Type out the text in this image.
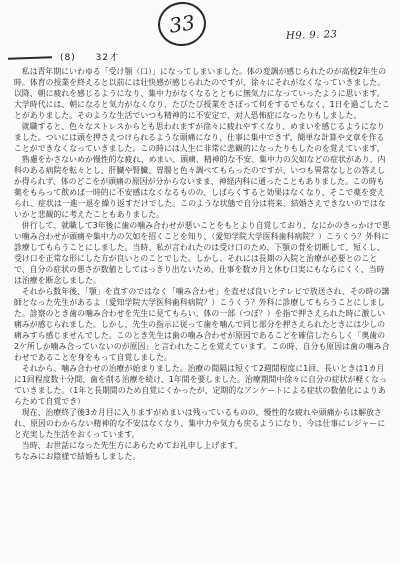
33	H9. 9. 23
(8) 32才

私は青年期にいわゆる「受け顎（口）」になってしまいました。体の変調が感じられたのが高校2年生の時。体育の授業を終えると以前には壮快感が感じられたのですが、徐々にそれがなくなっていきました。以降、朝に疲れを感じるようになり、集中力がなくなるとともに無気力になっていったように思います。大学時代には、朝になると気力がなくなり、たびたび授業をさぼって何をするでもなく、1日を過ごしたことがありました。そのような生活でいつも精神的に不安定で、対人恐怖症になったりもしました。

就職すると、色々なストレスからとも思われますが徐々に疲れやすくなり、めまいを感じるようになりました。ついには頭を押さえつけられるような頭痛になり、仕事に集中できず、簡単な計算や文章を作ることができなくなっていきました。この時には人生に非常に悲観的になったりもしたのを覚えています。

熟慮をかさないめか慢性的な疲れ、めまい、頭痛、精神的な不安、集中力の欠如などの症状があり、内科のある病院を転々とし、肝臓や腎臓、胃腸と色々調べてもらったのですが、いつも異常なしとの答えしか得られず、体のどこをが頭痛の原因が分からないまま、神経内科に通ったこともありました。この時も薬をもらって飲めば一時的に不安感はなくなるものの、しばらくすると効果はなくなり、そこで薬を変えられ、症状は一進一退を繰り返すだけでした。このような状態で自分は将来、結婚さえできないのではないかと悲観的に考えたこともありました。

併行して、就職して3年後に歯の噛み合わせが悪いことをもとより自覚しており、なにかのきっかけで悪い噛み合わせが頭痛や集中力の欠如を招くことを知り、（愛知学院大学医科歯科病院？）こうくう？外科に診療してもらうことにしました。当時、私が言われたのは受け口のため、下顎の骨を切断して、短くし、受け口を正常な形にした方が良いとのことでした。しかし、それには長期の入院と治療が必要とのことで、自分の症状の悪さが数値としてはっきり出ないため、仕事を数カ月と休む口実にもならにくく、当時は治療を断念しました。

それから数年後、「顎」を直すのではなく「噛み合わせ」を直せば良いとテレビで放送され、その時の講師となった先生があるよ（愛知学院大学医科歯科病院？）こうくう？外科に診療してもらうことにしました。診察のとき歯の噛み合わせを先生に見てもらい、体の一部（つぼ？）を指で押さえられた時に激しい痛みが感じられました。しかし、先生の指示に従って歯を噛んで同じ部分を押さえられたときには少しの痛みすら感じませんでした。このとき先生は歯の噛み合わせが原因であることを確信したらしく「奥歯の2ケ所しか噛み合っていないのが原因」と言われたことを覚えています。この時、自分も原因は歯の噛み合わせであることを身をもって自覚しました。

それから、噛み合わせの治療が始まりました。治療の間隔は短くて2週間程度に1回、長いときは1カ月に1回程度数十分間、歯を削る治療を続け、1年間を要しました。治療期間中徐々に自分の症状が軽くなっていきました。（1年と長期間のため自覚にくかったが、定期的なアンケートによる症状の数値化によりあらためて自覚でき）

現在、治療終了後3カ月目に入りますがめまいは残っているものの、慢性的な疲れや頭痛からは解放され、原因のわからない精神的な不安はなくなり、集中力や気力も戻るようになり、今は仕事にレジャーにと充実した生活をおくっています。

当時、お世話になった先生方にあらためてお礼申し上げます。

ちなみにお陰様で結婚もしました。
